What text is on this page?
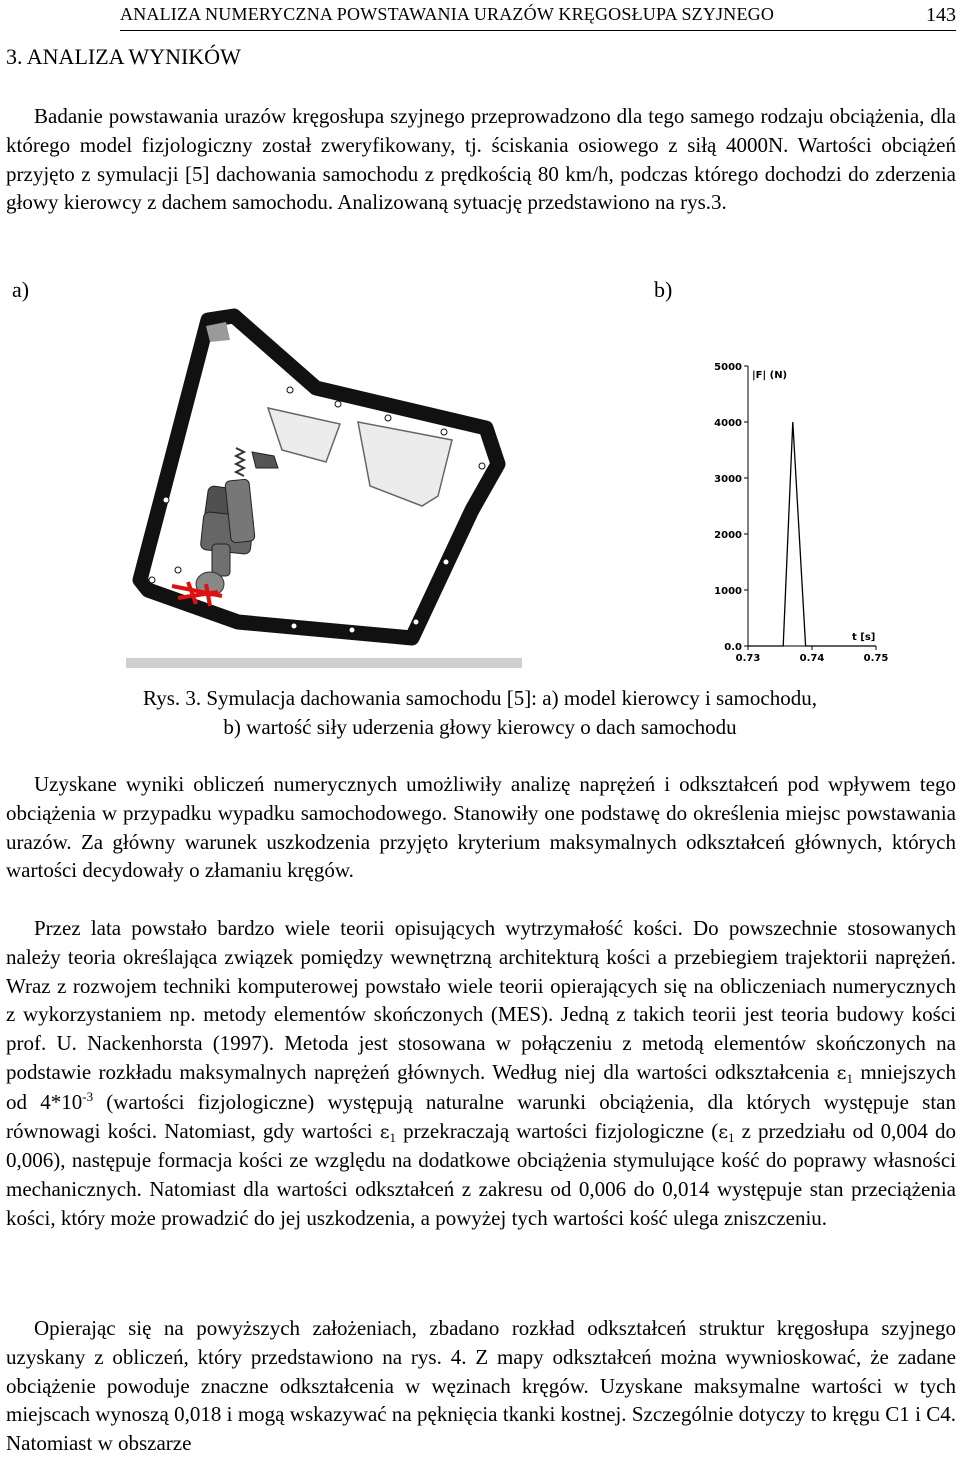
ANALIZA NUMERYCZNA POWSTAWANIA URAZÓW KRĘGOSŁUPA SZYJNEGO	143
3. ANALIZA WYNIKÓW

Badanie powstawania urazów kręgosłupa szyjnego przeprowadzono dla tego samego rodzaju obciążenia, dla którego model fizjologiczny został zweryfikowany, tj. ściskania osiowego z siłą 4000N. Wartości obciążeń przyjęto z symulacji [5] dachowania samochodu z prędkością 80 km/h, podczas którego dochodzi do zderzenia głowy kierowcy z dachem samochodu. Analizowaną sytuację przedstawiono na rys.3.

a)	b)
0.0
1000
2000
3000
4000
5000
0.73	0.74	0.75
|F| (N)
t [s]
Rys. 3. Symulacja dachowania samochodu [5]: a) model kierowcy i samochodu,
b) wartość siły uderzenia głowy kierowcy o dach samochodu

Uzyskane wyniki obliczeń numerycznych umożliwiły analizę naprężeń i odkształceń pod wpływem tego obciążenia w przypadku wypadku samochodowego. Stanowiły one podstawę do określenia miejsc powstawania urazów. Za główny warunek uszkodzenia przyjęto kryterium maksymalnych odkształceń głównych, których wartości decydowały o złamaniu kręgów.

Przez lata powstało bardzo wiele teorii opisujących wytrzymałość kości. Do powszechnie stosowanych należy teoria określająca związek pomiędzy wewnętrzną architekturą kości a przebiegiem trajektorii naprężeń. Wraz z rozwojem techniki komputerowej powstało wiele teorii opierających się na obliczeniach numerycznych z wykorzystaniem np. metody elementów skończonych (MES). Jedną z takich teorii jest teoria budowy kości prof. U. Nackenhorsta (1997). Metoda jest stosowana w połączeniu z metodą elementów skończonych na podstawie rozkładu maksymalnych naprężeń głównych. Według niej dla wartości odkształcenia $\varepsilon_1$ mniejszych od $4*10^{-3}$ (wartości fizjologiczne) występują naturalne warunki obciążenia, dla których występuje stan równowagi kości. Natomiast, gdy wartości $\varepsilon_1$ przekraczają wartości fizjologiczne ($\varepsilon_1$ z przedziału od 0,004 do 0,006), następuje formacja kości ze względu na dodatkowe obciążenia stymulujące kość do poprawy własności mechanicznych. Natomiast dla wartości odkształceń z zakresu od 0,006 do 0,014 występuje stan przeciążenia kości, który może prowadzić do jej uszkodzenia, a powyżej tych wartości kość ulega zniszczeniu.

Opierając się na powyższych założeniach, zbadano rozkład odkształceń struktur kręgosłupa szyjnego uzyskany z obliczeń, który przedstawiono na rys. 4. Z mapy odkształceń można wywnioskować, że zadane obciążenie powoduje znaczne odkształcenia w węzinach kręgów. Uzyskane maksymalne wartości w tych miejscach wynoszą 0,018 i mogą wskazywać na pęknięcia tkanki kostnej. Szczególnie dotyczy to kręgu C1 i C4. Natomiast w obszarze
